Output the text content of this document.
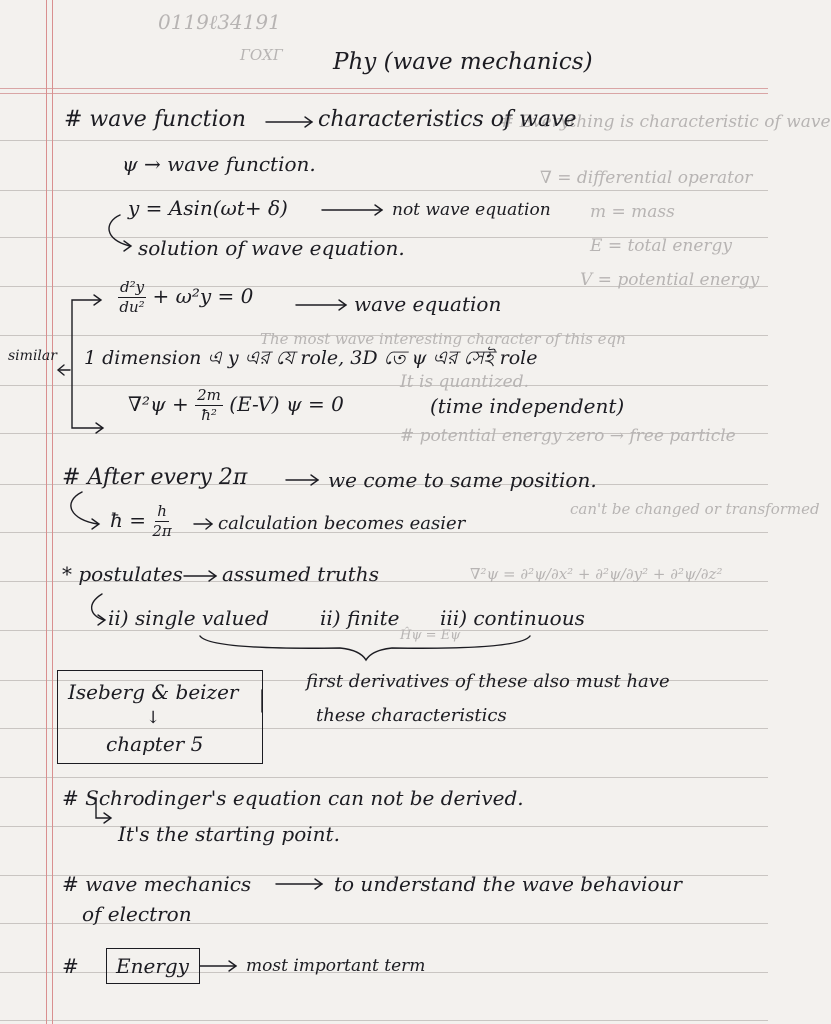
0119ℓ34191
ГОХГ
# Everything is characteristic of wave
∇ = differential operator
m = mass
E = total energy
V = potential energy
The most wave interesting character of this eqn
It is quantized.
# potential energy zero → free particle
can't be changed or transformed
∇²ψ = ∂²ψ/∂x² + ∂²ψ/∂y² + ∂²ψ/∂z²
Ĥψ = Eψ
Phy (wave mechanics)
# wave function	characteristics of wave
ψ → wave function.
y = Asin(ωt+ δ)	not wave equation
solution of wave equation.
$\frac{\text{d²y}}{\text{du²}} + \omega^2y = 0$	wave equation
similar 1 dimension এ y এর যে role, 3D তে ψ এর সেই role
$\nabla^2\psi + \frac{2m}{\text{ħ²}} (E-V) \psi = 0$	(time independent)
# After every 2π	we come to same position.
ħ = $\frac{h}{2\pi}$	calculation becomes easier
* postulates assumed truths
ii) single valued	ii) finite iii) continuous
Iseberg & beizer
↓
chapter 5
first derivatives of these also must have
these characteristics
# Schrodinger's equation can not be derived.
It's the starting point.
# wave mechanics	to understand the wave behaviour
of electron
# Energy	most important term
